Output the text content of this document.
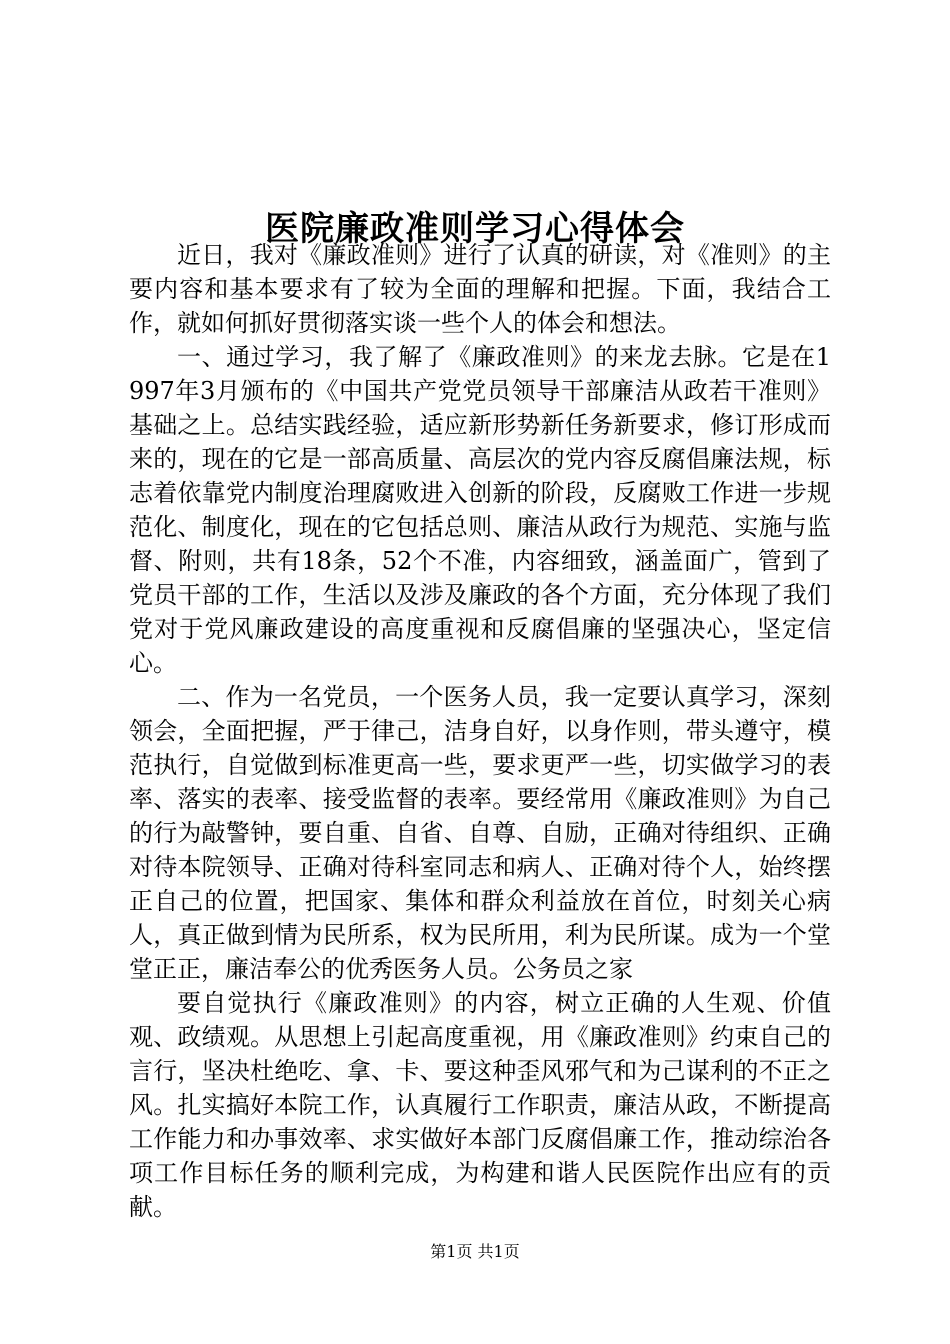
医院廉政准则学习心得体会

近日，我对《廉政准则》进行了认真的研读，对《准则》的主要内容和基本要求有了较为全面的理解和把握。下面，我结合工作，就如何抓好贯彻落实谈一些个人的体会和想法。

一、通过学习，我了解了《廉政准则》的来龙去脉。它是在1997年3月颁布的《中国共产党党员领导干部廉洁从政若干准则》基础之上。总结实践经验，适应新形势新任务新要求，修订形成而来的，现在的它是一部高质量、高层次的党内容反腐倡廉法规，标志着依靠党内制度治理腐败进入创新的阶段，反腐败工作进一步规范化、制度化，现在的它包括总则、廉洁从政行为规范、实施与监督、附则，共有18条，52个不准，内容细致，涵盖面广，管到了党员干部的工作，生活以及涉及廉政的各个方面，充分体现了我们党对于党风廉政建设的高度重视和反腐倡廉的坚强决心，坚定信心。

二、作为一名党员，一个医务人员，我一定要认真学习，深刻领会，全面把握，严于律己，洁身自好，以身作则，带头遵守，模范执行，自觉做到标准更高一些，要求更严一些，切实做学习的表率、落实的表率、接受监督的表率。要经常用《廉政准则》为自己的行为敲警钟，要自重、自省、自尊、自励，正确对待组织、正确对待本院领导、正确对待科室同志和病人、正确对待个人，始终摆正自己的位置，把国家、集体和群众利益放在首位，时刻关心病人，真正做到情为民所系，权为民所用，利为民所谋。成为一个堂堂正正，廉洁奉公的优秀医务人员。公务员之家

要自觉执行《廉政准则》的内容，树立正确的人生观、价值观、政绩观。从思想上引起高度重视，用《廉政准则》约束自己的言行，坚决杜绝吃、拿、卡、要这种歪风邪气和为己谋利的不正之风。扎实搞好本院工作，认真履行工作职责，廉洁从政，不断提高工作能力和办事效率、求实做好本部门反腐倡廉工作，推动综治各项工作目标任务的顺利完成，为构建和谐人民医院作出应有的贡献。

第1页 共1页
